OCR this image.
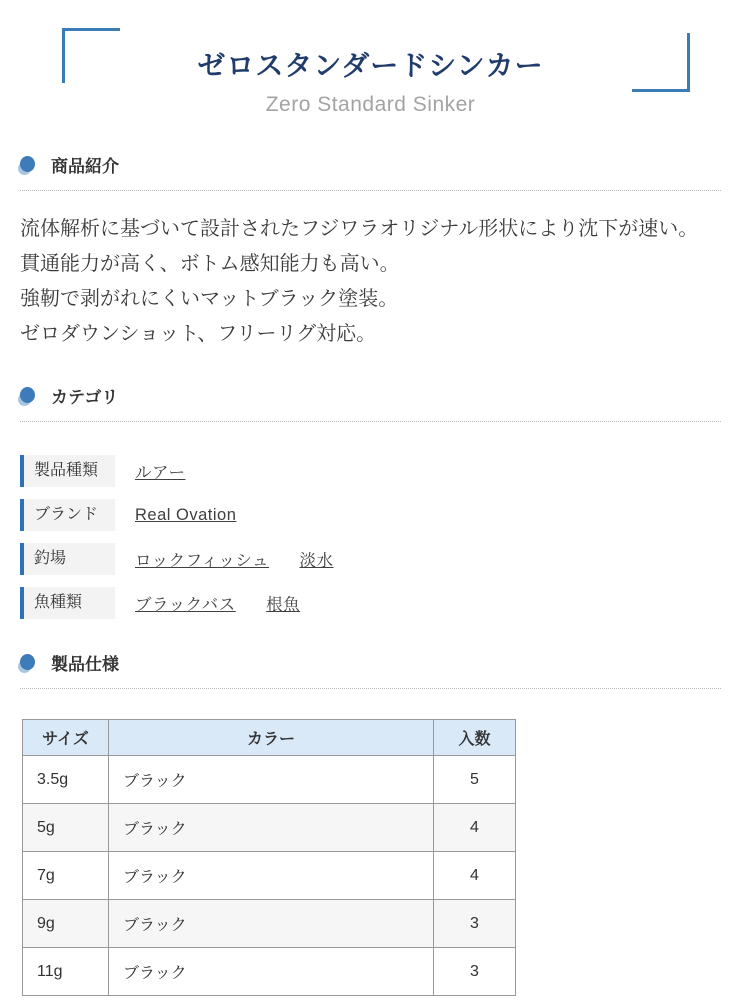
ゼロスタンダードシンカー
Zero Standard Sinker
商品紹介

流体解析に基づいて設計されたフジワラオリジナル形状により沈下が速い。

貫通能力が高く、ボトム感知能力も高い。

強靭で剥がれにくいマットブラック塗装。

ゼロダウンショット、フリーリグ対応。

カテゴリ
製品種類	ルアー
ブランド	Real Ovation
釣場	ロックフィッシュ 淡水
魚種類	ブラックバス 根魚
製品仕様
サイズ	カラー	入数
3.5g	ブラック	5
5g	ブラック	4
7g	ブラック	4
9g	ブラック	3
11g	ブラック	3
